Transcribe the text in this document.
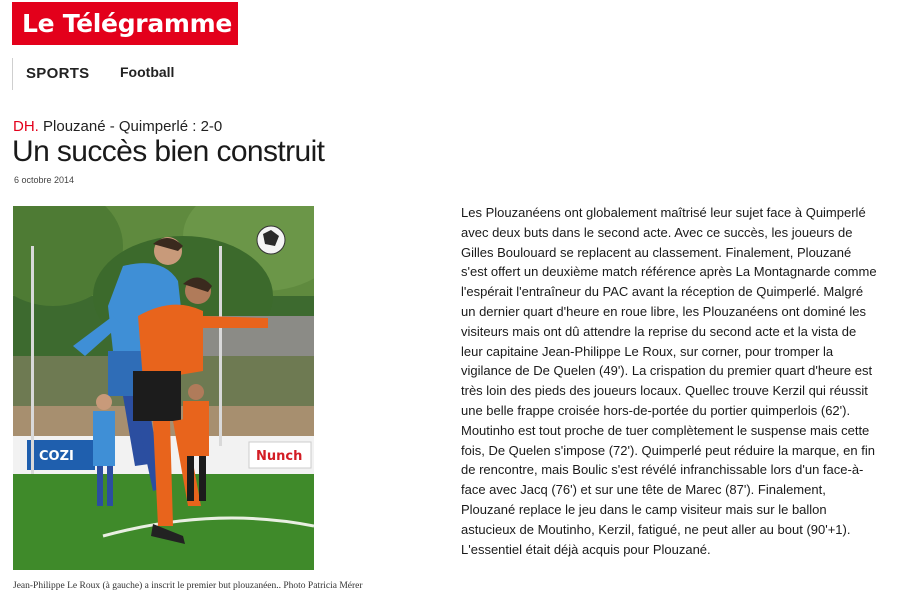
Le Télégramme
SPORTS Football
DH. Plouzané - Quimperlé : 2-0
Un succès bien construit
6 octobre 2014
COZI	Nunch
Jean-Philippe Le Roux (à gauche) a inscrit le premier but plouzanéen.. Photo Patricia Mérer

Les Plouzanéens ont globalement maîtrisé leur sujet face à Quimperlé avec deux buts dans le second acte. Avec ce succès, les joueurs de Gilles Boulouard se replacent au classement. Finalement, Plouzané s'est offert un deuxième match référence après La Montagnarde comme l'espérait l'entraîneur du PAC avant la réception de Quimperlé. Malgré un dernier quart d'heure en roue libre, les Plouzanéens ont dominé les visiteurs mais ont dû attendre la reprise du second acte et la vista de leur capitaine Jean-Philippe Le Roux, sur corner, pour tromper la vigilance de De Quelen (49'). La crispation du premier quart d'heure est très loin des pieds des joueurs locaux. Quellec trouve Kerzil qui réussit une belle frappe croisée hors-de-portée du portier quimperlois (62'). Moutinho est tout proche de tuer complètement le suspense mais cette fois, De Quelen s'impose (72'). Quimperlé peut réduire la marque, en fin de rencontre, mais Boulic s'est révélé infranchissable lors d'un face-à-face avec Jacq (76') et sur une tête de Marec (87'). Finalement, Plouzané replace le jeu dans le camp visiteur mais sur le ballon astucieux de Moutinho, Kerzil, fatigué, ne peut aller au bout (90'+1). L'essentiel était déjà acquis pour Plouzané.
